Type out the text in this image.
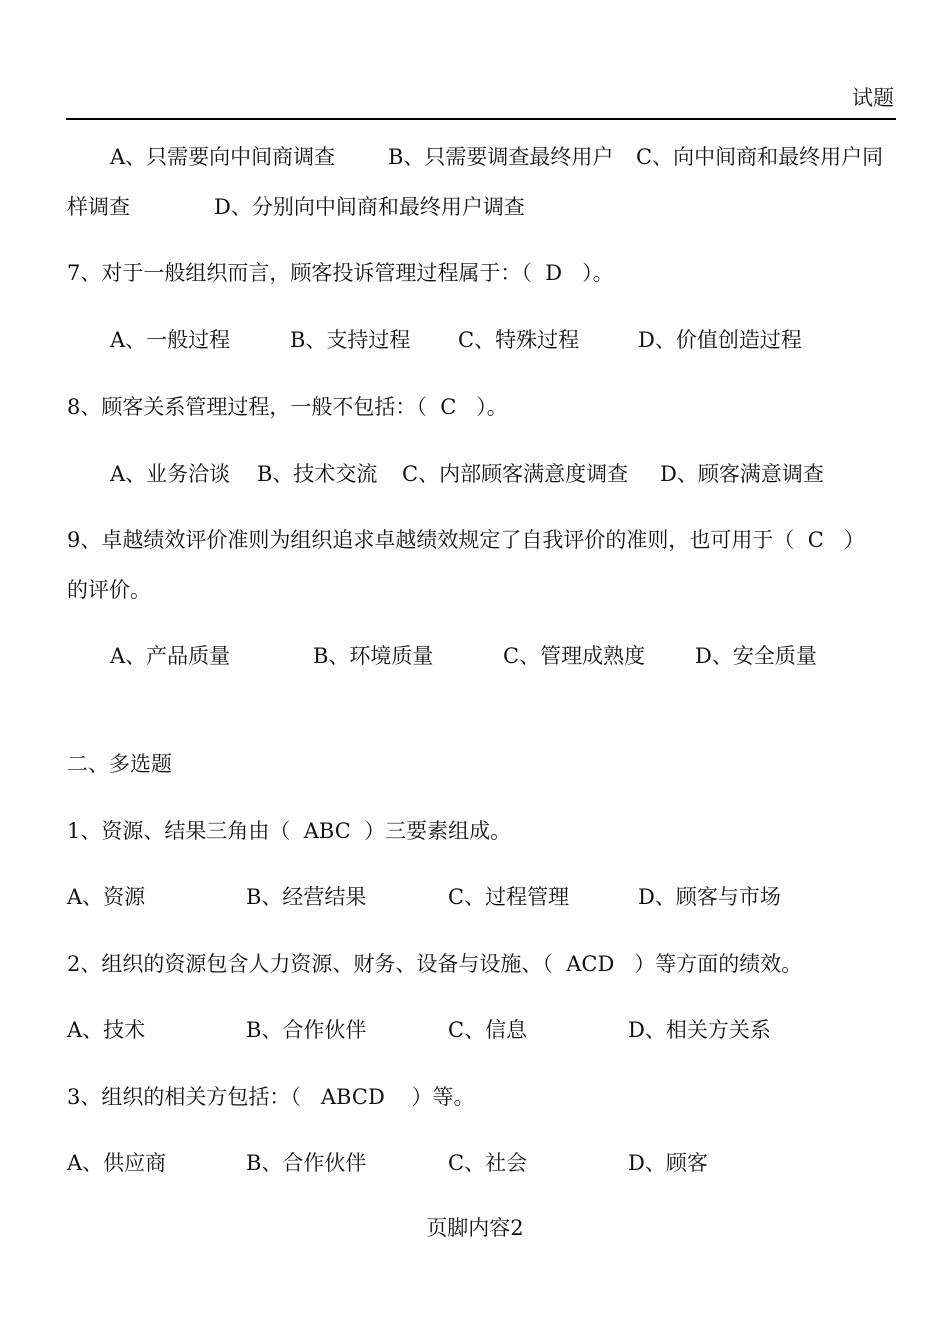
试题
A、只需要向中间商调查	B、只需要调查最终用户 C、向中间商和最终用户同
样调查	D、分别向中间商和最终用户调查
7、对于一般组织而言，顾客投诉管理过程属于：（  D   ）。
A、一般过程	B、支持过程 C、特殊过程	D、价值创造过程
8、顾客关系管理过程，一般不包括：（  C   ）。
A、业务洽谈 B、技术交流 C、内部顾客满意度调查 D、顾客满意调查
9、卓越绩效评价准则为组织追求卓越绩效规定了自我评价的准则，也可用于（  C   ）
的评价。
A、产品质量	B、环境质量	C、管理成熟度 D、安全质量
二、多选题
1、资源、结果三角由（  ABC  ）三要素组成。
A、资源	B、经营结果	C、过程管理	D、顾客与市场
2、组织的资源包含人力资源、财务、设备与设施、（  ACD   ）等方面的绩效。
A、技术	B、合作伙伴	C、信息	D、相关方关系
3、组织的相关方包括：（   ABCD    ）等。
A、供应商	B、合作伙伴	C、社会	D、顾客
页脚内容2
